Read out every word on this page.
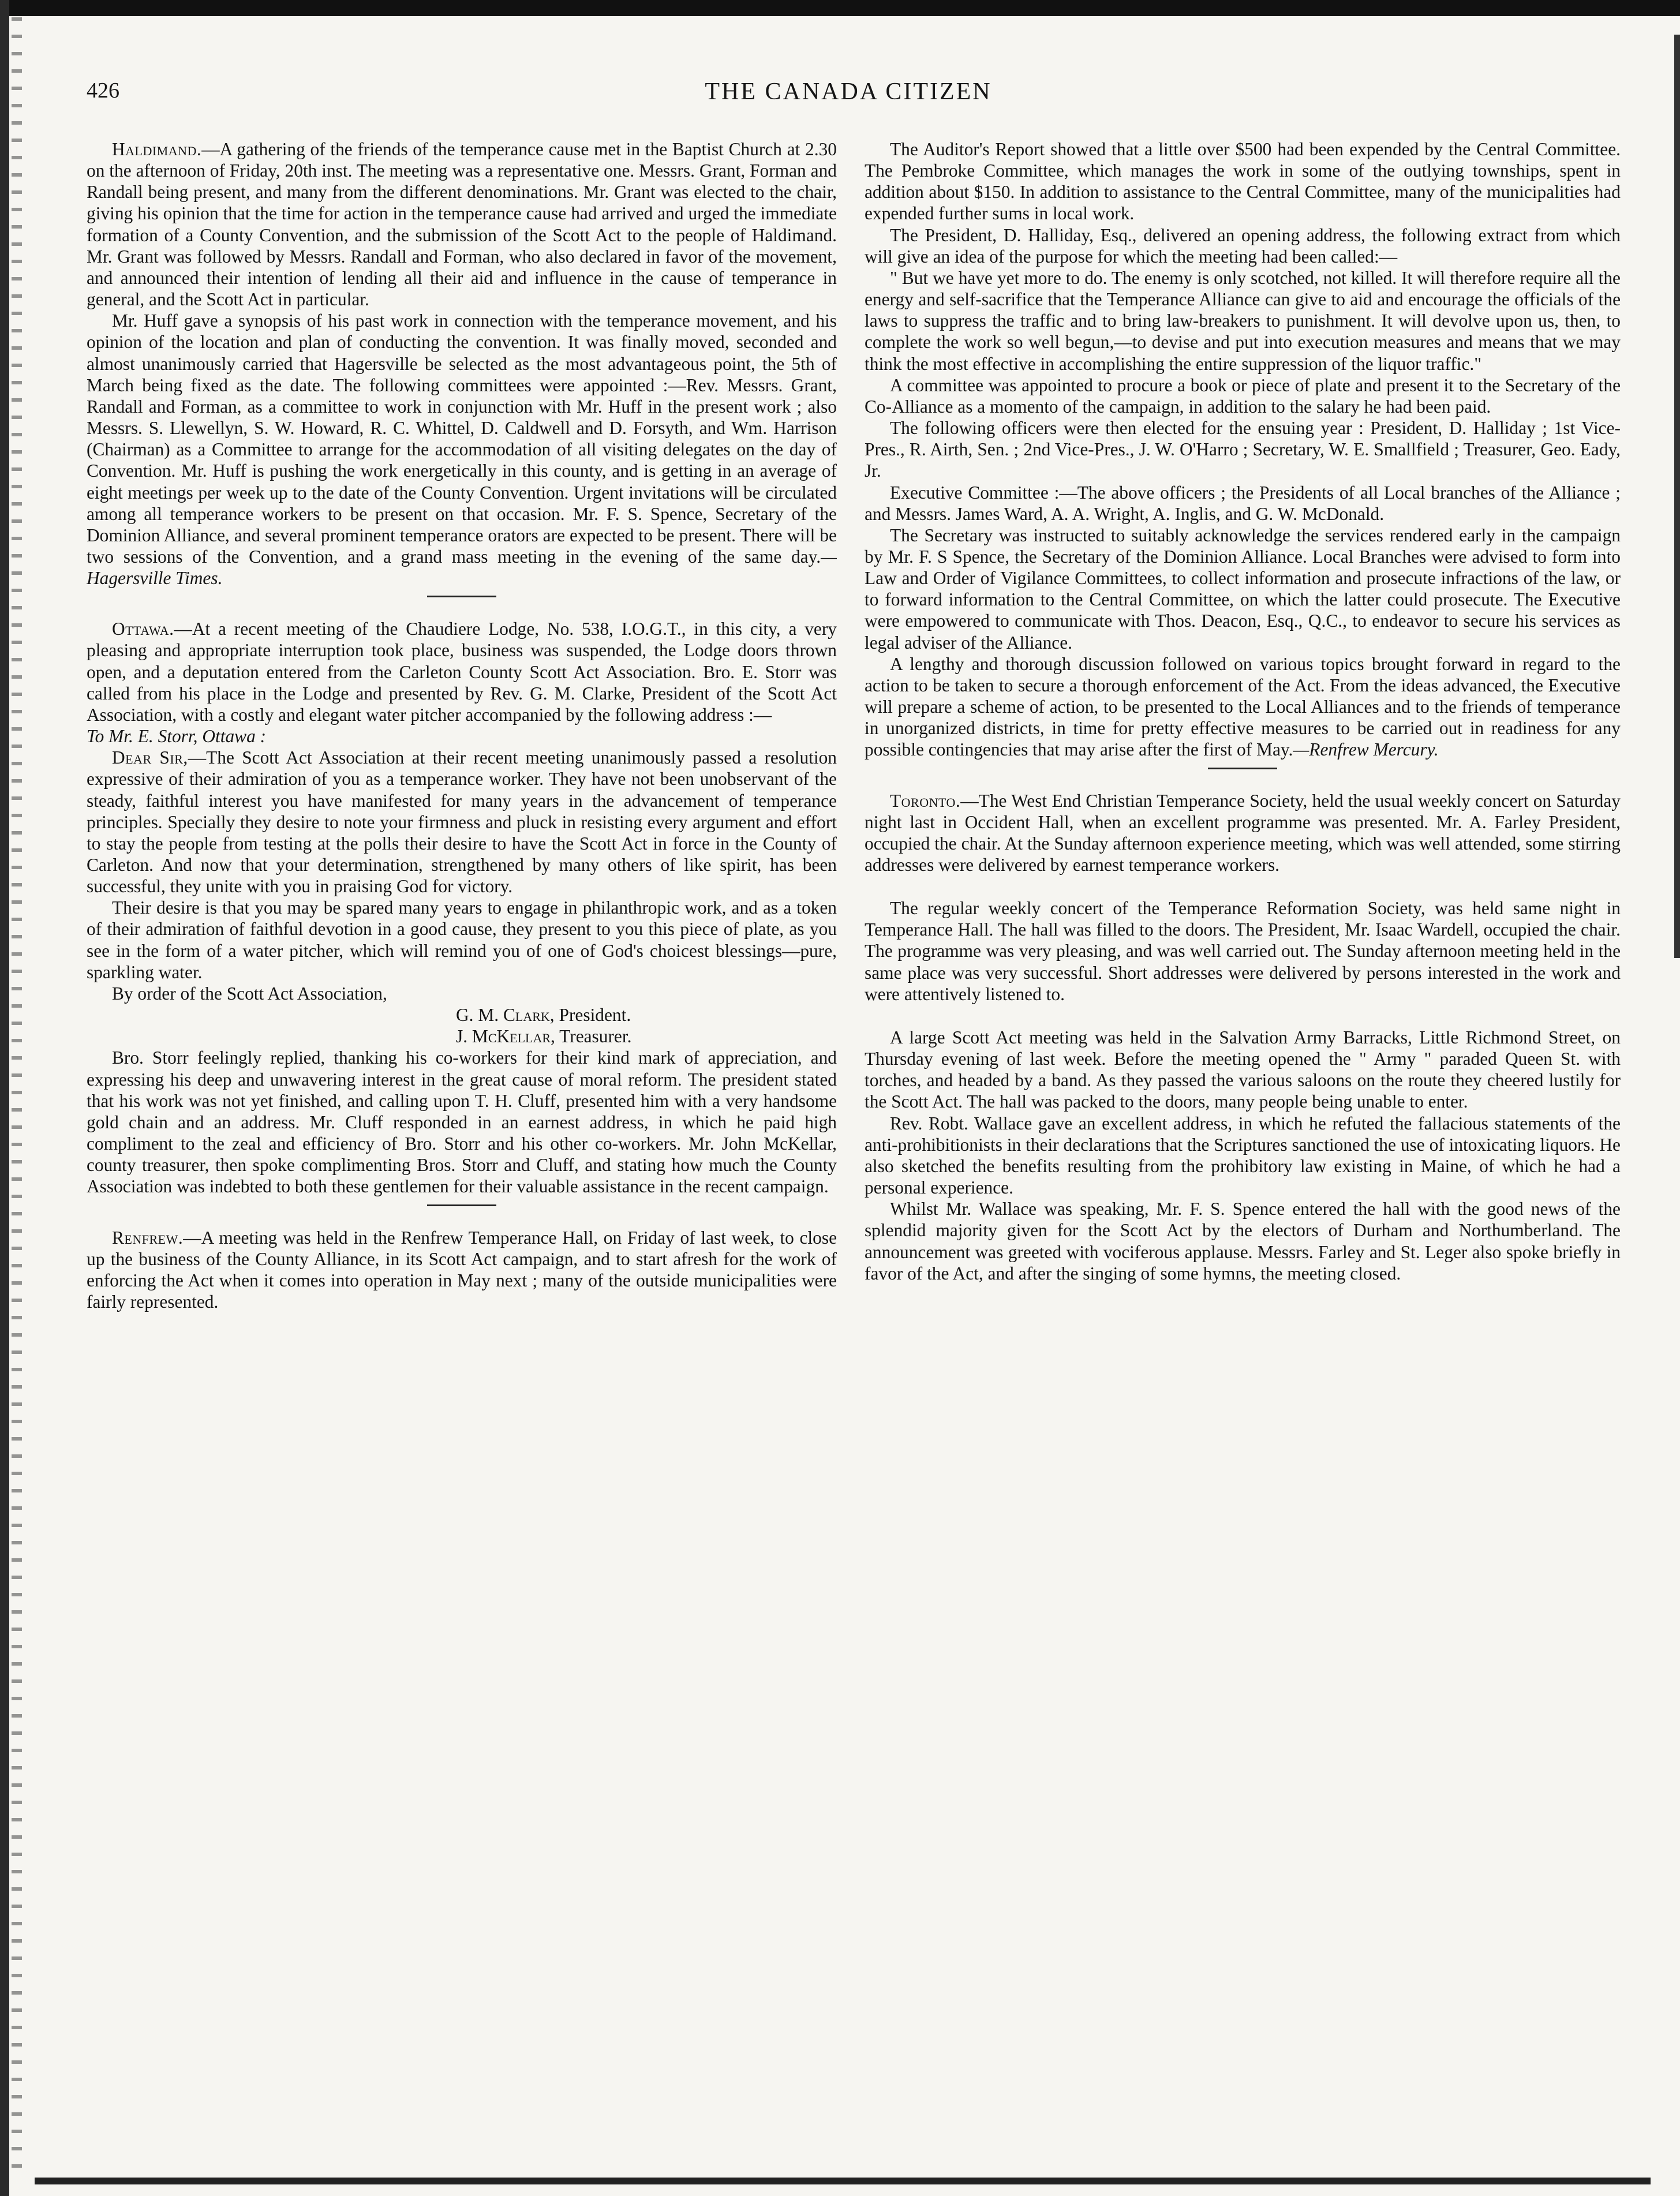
426	THE CANADA CITIZEN

Haldimand.—A gathering of the friends of the temperance cause met in the Baptist Church at 2.30 on the afternoon of Friday, 20th inst. The meeting was a representative one. Messrs. Grant, Forman and Randall being present, and many from the different denominations. Mr. Grant was elected to the chair, giving his opinion that the time for action in the temperance cause had arrived and urged the immediate formation of a County Convention, and the submission of the Scott Act to the people of Haldimand. Mr. Grant was followed by Messrs. Randall and Forman, who also declared in favor of the movement, and announced their intention of lending all their aid and influence in the cause of temperance in general, and the Scott Act in particular.

Mr. Huff gave a synopsis of his past work in connection with the temperance movement, and his opinion of the location and plan of conducting the convention. It was finally moved, seconded and almost unanimously carried that Hagersville be selected as the most advantageous point, the 5th of March being fixed as the date. The following committees were appointed :—Rev. Messrs. Grant, Randall and Forman, as a committee to work in conjunction with Mr. Huff in the present work ; also Messrs. S. Llewellyn, S. W. Howard, R. C. Whittel, D. Caldwell and D. Forsyth, and Wm. Harrison (Chairman) as a Committee to arrange for the accommodation of all visiting delegates on the day of Convention. Mr. Huff is pushing the work energetically in this county, and is getting in an average of eight meetings per week up to the date of the County Convention. Urgent invitations will be circulated among all temperance workers to be present on that occasion. Mr. F. S. Spence, Secretary of the Dominion Alliance, and several prominent temperance orators are expected to be present. There will be two sessions of the Convention, and a grand mass meeting in the evening of the same day.—Hagersville Times.

Ottawa.—At a recent meeting of the Chaudiere Lodge, No. 538, I.O.G.T., in this city, a very pleasing and appropriate interruption took place, business was suspended, the Lodge doors thrown open, and a deputation entered from the Carleton County Scott Act Association. Bro. E. Storr was called from his place in the Lodge and presented by Rev. G. M. Clarke, President of the Scott Act Association, with a costly and elegant water pitcher accompanied by the following address :—

To Mr. E. Storr, Ottawa :

Dear Sir,—The Scott Act Association at their recent meeting unanimously passed a resolution expressive of their admiration of you as a temperance worker. They have not been unobservant of the steady, faithful interest you have manifested for many years in the advancement of temperance principles. Specially they desire to note your firmness and pluck in resisting every argument and effort to stay the people from testing at the polls their desire to have the Scott Act in force in the County of Carleton. And now that your determination, strengthened by many others of like spirit, has been successful, they unite with you in praising God for victory.

Their desire is that you may be spared many years to engage in philanthropic work, and as a token of their admiration of faithful devotion in a good cause, they present to you this piece of plate, as you see in the form of a water pitcher, which will remind you of one of God's choicest blessings—pure, sparkling water.

By order of the Scott Act Association,

G. M. Clark, President.

J. McKellar, Treasurer.

Bro. Storr feelingly replied, thanking his co-workers for their kind mark of appreciation, and expressing his deep and unwavering interest in the great cause of moral reform. The president stated that his work was not yet finished, and calling upon T. H. Cluff, presented him with a very handsome gold chain and an address. Mr. Cluff responded in an earnest address, in which he paid high compliment to the zeal and efficiency of Bro. Storr and his other co-workers. Mr. John McKellar, county treasurer, then spoke complimenting Bros. Storr and Cluff, and stating how much the County Association was indebted to both these gentlemen for their valuable assistance in the recent campaign.

Renfrew.—A meeting was held in the Renfrew Temperance Hall, on Friday of last week, to close up the business of the County Alliance, in its Scott Act campaign, and to start afresh for the work of enforcing the Act when it comes into operation in May next ; many of the outside municipalities were fairly represented.

The Auditor's Report showed that a little over $500 had been expended by the Central Committee. The Pembroke Committee, which manages the work in some of the outlying townships, spent in addition about $150. In addition to assistance to the Central Committee, many of the municipalities had expended further sums in local work.

The President, D. Halliday, Esq., delivered an opening address, the following extract from which will give an idea of the purpose for which the meeting had been called:—

" But we have yet more to do. The enemy is only scotched, not killed. It will therefore require all the energy and self-sacrifice that the Temperance Alliance can give to aid and encourage the officials of the laws to suppress the traffic and to bring law-breakers to punishment. It will devolve upon us, then, to complete the work so well begun,—to devise and put into execution measures and means that we may think the most effective in accomplishing the entire suppression of the liquor traffic."

A committee was appointed to procure a book or piece of plate and present it to the Secretary of the Co-Alliance as a momento of the campaign, in addition to the salary he had been paid.

The following officers were then elected for the ensuing year : President, D. Halliday ; 1st Vice-Pres., R. Airth, Sen. ; 2nd Vice-Pres., J. W. O'Harro ; Secretary, W. E. Smallfield ; Treasurer, Geo. Eady, Jr.

Executive Committee :—The above officers ; the Presidents of all Local branches of the Alliance ; and Messrs. James Ward, A. A. Wright, A. Inglis, and G. W. McDonald.

The Secretary was instructed to suitably acknowledge the services rendered early in the campaign by Mr. F. S Spence, the Secretary of the Dominion Alliance. Local Branches were advised to form into Law and Order of Vigilance Committees, to collect information and prosecute infractions of the law, or to forward information to the Central Committee, on which the latter could prosecute. The Executive were empowered to communicate with Thos. Deacon, Esq., Q.C., to endeavor to secure his services as legal adviser of the Alliance.

A lengthy and thorough discussion followed on various topics brought forward in regard to the action to be taken to secure a thorough enforcement of the Act. From the ideas advanced, the Executive will prepare a scheme of action, to be presented to the Local Alliances and to the friends of temperance in unorganized districts, in time for pretty effective measures to be carried out in readiness for any possible contingencies that may arise after the first of May.—Renfrew Mercury.

Toronto.—The West End Christian Temperance Society, held the usual weekly concert on Saturday night last in Occident Hall, when an excellent programme was presented. Mr. A. Farley President, occupied the chair. At the Sunday afternoon experience meeting, which was well attended, some stirring addresses were delivered by earnest temperance workers.

The regular weekly concert of the Temperance Reformation Society, was held same night in Temperance Hall. The hall was filled to the doors. The President, Mr. Isaac Wardell, occupied the chair. The programme was very pleasing, and was well carried out. The Sunday afternoon meeting held in the same place was very successful. Short addresses were delivered by persons interested in the work and were attentively listened to.

A large Scott Act meeting was held in the Salvation Army Barracks, Little Richmond Street, on Thursday evening of last week. Before the meeting opened the " Army " paraded Queen St. with torches, and headed by a band. As they passed the various saloons on the route they cheered lustily for the Scott Act. The hall was packed to the doors, many people being unable to enter.

Rev. Robt. Wallace gave an excellent address, in which he refuted the fallacious statements of the anti-prohibitionists in their declarations that the Scriptures sanctioned the use of intoxicating liquors. He also sketched the benefits resulting from the prohibitory law existing in Maine, of which he had a personal experience.

Whilst Mr. Wallace was speaking, Mr. F. S. Spence entered the hall with the good news of the splendid majority given for the Scott Act by the electors of Durham and Northumberland. The announcement was greeted with vociferous applause. Messrs. Farley and St. Leger also spoke briefly in favor of the Act, and after the singing of some hymns, the meeting closed.
